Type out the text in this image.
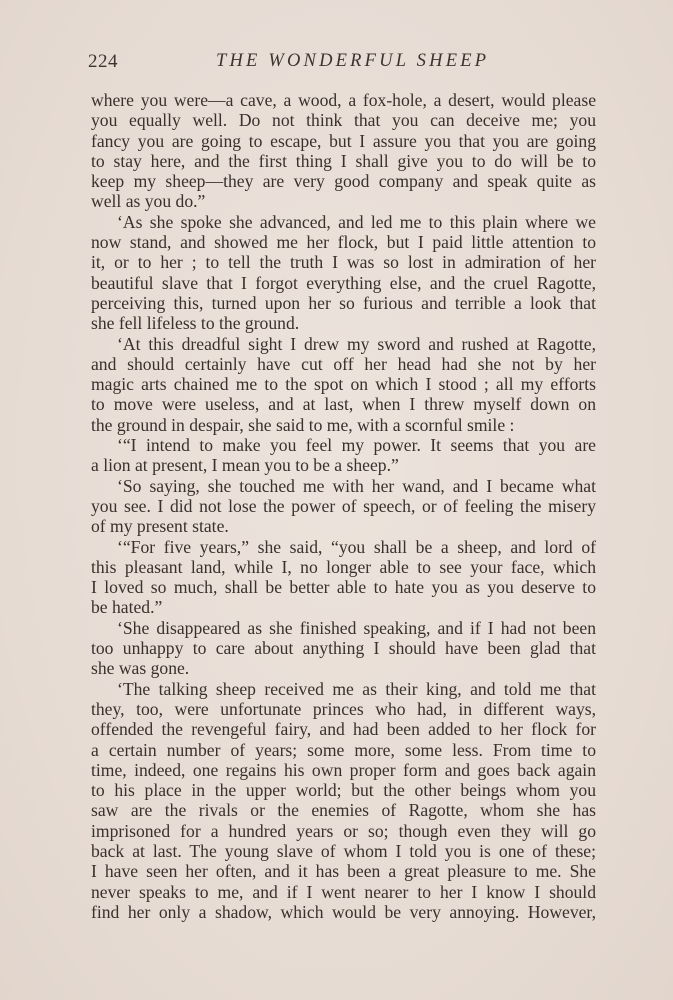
224	THE WONDERFUL SHEEP
where you were—a cave, a wood, a fox-hole, a desert, would please
you equally well. Do not think that you can deceive me; you
fancy you are going to escape, but I assure you that you are going
to stay here, and the first thing I shall give you to do will be to
keep my sheep—they are very good company and speak quite as
well as you do.”
‘As she spoke she advanced, and led me to this plain where we
now stand, and showed me her flock, but I paid little attention to
it, or to her ; to tell the truth I was so lost in admiration of her
beautiful slave that I forgot everything else, and the cruel Ragotte,
perceiving this, turned upon her so furious and terrible a look that
she fell lifeless to the ground.
‘At this dreadful sight I drew my sword and rushed at Ragotte,
and should certainly have cut off her head had she not by her
magic arts chained me to the spot on which I stood ; all my efforts
to move were useless, and at last, when I threw myself down on
the ground in despair, she said to me, with a scornful smile :
‘“I intend to make you feel my power. It seems that you are
a lion at present, I mean you to be a sheep.”
‘So saying, she touched me with her wand, and I became what
you see. I did not lose the power of speech, or of feeling the misery
of my present state.
‘“For five years,” she said, “you shall be a sheep, and lord of
this pleasant land, while I, no longer able to see your face, which
I loved so much, shall be better able to hate you as you deserve to
be hated.”
‘She disappeared as she finished speaking, and if I had not been
too unhappy to care about anything I should have been glad that
she was gone.
‘The talking sheep received me as their king, and told me that
they, too, were unfortunate princes who had, in different ways,
offended the revengeful fairy, and had been added to her flock for
a certain number of years; some more, some less. From time to
time, indeed, one regains his own proper form and goes back again
to his place in the upper world; but the other beings whom you
saw are the rivals or the enemies of Ragotte, whom she has
imprisoned for a hundred years or so; though even they will go
back at last. The young slave of whom I told you is one of these;
I have seen her often, and it has been a great pleasure to me. She
never speaks to me, and if I went nearer to her I know I should
find her only a shadow, which would be very annoying. However,
